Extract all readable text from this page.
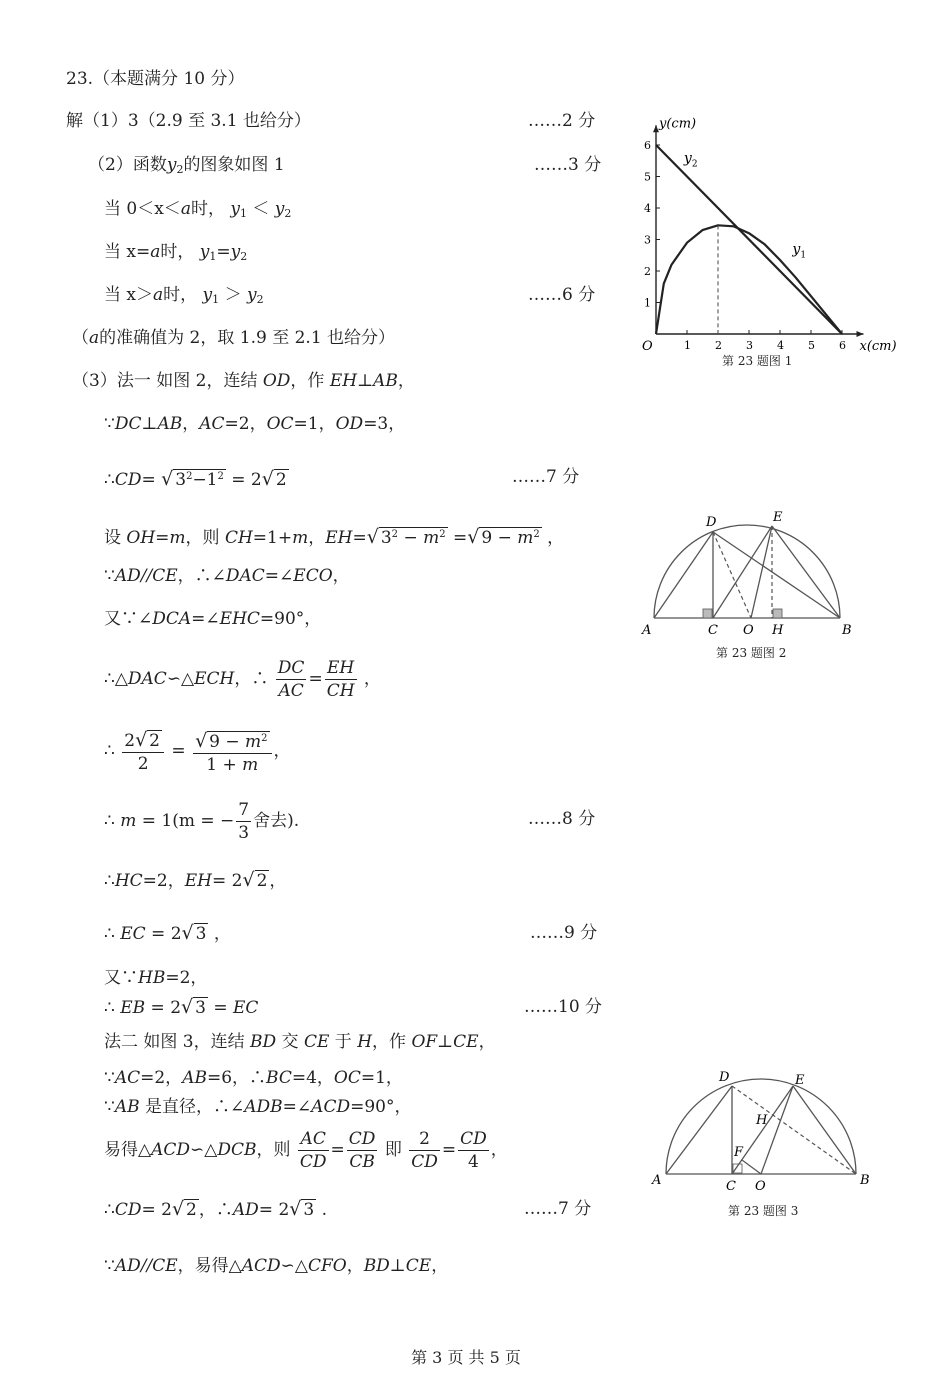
23.（本题满分 10 分）
解（1）3（2.9 至 3.1 也给分）	……2 分
（2）函数$y_2$的图象如图 1	……3 分
当 0＜x＜a时， $y_1 < y_2$
当 x=a时， $y_1=y_2$
当 x＞a时， $y_1 > y_2$	……6 分
（a的准确值为 2，取 1.9 至 2.1 也给分）
（3）法一 如图 2，连结 OD，作 EH⊥AB，
∵DC⊥AB，AC=2，OC=1，OD=3，
∴CD= √ $3^2-1^2 = 2√$ 2	……7 分
设 OH=m，则 CH=1+m，EH=√ $3^2 - m^2$ =√ $9 - m^2$ ，
∵AD//CE，∴∠DAC=∠ECO，
又∵∠DCA=∠EHC=90°，
∴△DAC∽△ECH，∴ $\frac{DC}{AC} = \frac{EH}{CH}$ ，
∴ $\frac{2√ 2}{2} = \frac{√ 9 - m^2}{1 + m}$ ，
∴ m = 1(m = − $\frac{7}{3}$ 舍去).	……8 分
∴HC=2，EH= 2√ 2 ，
∴ EC = 2√ 3 ，	……9 分
又∵HB=2，
∴ EB = 2√ 3 = EC	……10 分
法二 如图 3，连结 BD 交 CE 于 H，作 OF⊥CE，
∵AC=2，AB=6，∴BC=4，OC=1，
∵AB 是直径，∴∠ADB=∠ACD=90°，
易得△ACD∽△DCB，则 $\frac{AC}{CD} = \frac{CD}{CB}$ 即 $\frac{2}{CD} = \frac{CD}{4}$ ，
∴CD= 2√ 2 ，∴AD= 2√ 3 .	……7 分
∵AD//CE，易得△ACD∽△CFO，BD⊥CE，
1 2 3 4 5 6
1
2
3
4
5
6
O
y(cm)
x(cm)
y 2
y 1
第 23 题图 1
A	C O H	B
D	E
第 23 题图 2
A	C O	B
D	E
H
F
第 23 题图 3
第 3 页 共 5 页
